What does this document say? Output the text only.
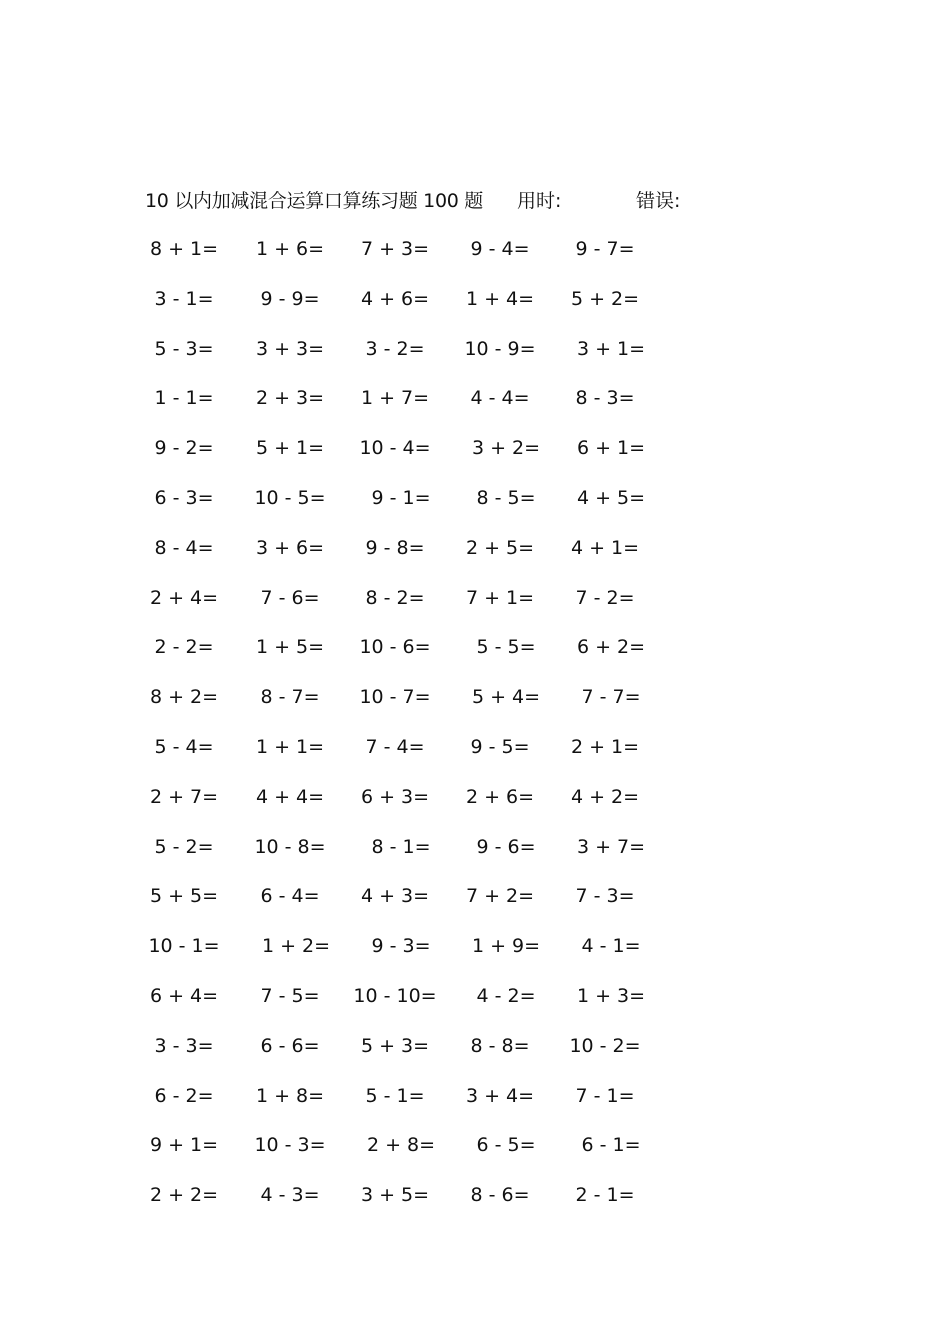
10 以内加减混合运算口算练习题 100 题 用时:	错误:
8 + 1=	1 + 6=	7 + 3=	9 - 4=	9 - 7=
3 - 1=	9 - 9=	4 + 6=	1 + 4=	5 + 2=
5 - 3=	3 + 3=	3 - 2=	10 - 9=	3 + 1=
1 - 1=	2 + 3=	1 + 7=	4 - 4=	8 - 3=
9 - 2=	5 + 1=	10 - 4=	3 + 2=	6 + 1=
6 - 3=	10 - 5=	9 - 1=	8 - 5=	4 + 5=
8 - 4=	3 + 6=	9 - 8=	2 + 5=	4 + 1=
2 + 4=	7 - 6=	8 - 2=	7 + 1=	7 - 2=
2 - 2=	1 + 5=	10 - 6=	5 - 5=	6 + 2=
8 + 2=	8 - 7=	10 - 7=	5 + 4=	7 - 7=
5 - 4=	1 + 1=	7 - 4=	9 - 5=	2 + 1=
2 + 7=	4 + 4=	6 + 3=	2 + 6=	4 + 2=
5 - 2=	10 - 8=	8 - 1=	9 - 6=	3 + 7=
5 + 5=	6 - 4=	4 + 3=	7 + 2=	7 - 3=
10 - 1=	1 + 2=	9 - 3=	1 + 9=	4 - 1=
6 + 4=	7 - 5=	10 - 10=	4 - 2=	1 + 3=
3 - 3=	6 - 6=	5 + 3=	8 - 8=	10 - 2=
6 - 2=	1 + 8=	5 - 1=	3 + 4=	7 - 1=
9 + 1=	10 - 3=	2 + 8=	6 - 5=	6 - 1=
2 + 2=	4 - 3=	3 + 5=	8 - 6=	2 - 1=
